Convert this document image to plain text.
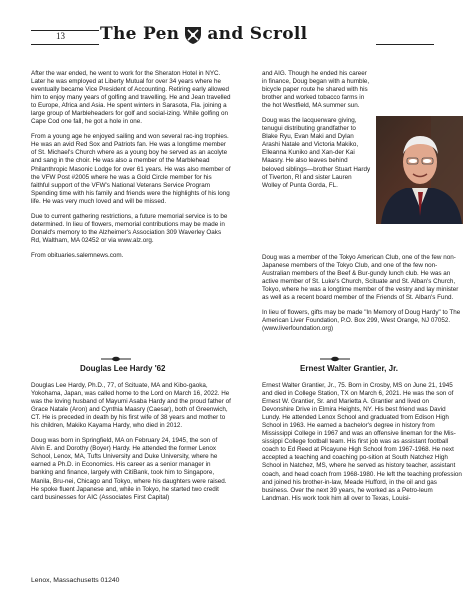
13 The Pen and Scroll

After the war ended, he went to work for the Sheraton Hotel in NYC. Later he was employed at Liberty Mutual for over 34 years where he eventually became Vice President of Accounting. Retiring early allowed him to enjoy many years of golfing and travelling. He and Jean travelled to Europe, Africa and Asia. He spent winters in Sarasota, Fla. joining a large group of Marbleheaders for golf and social-izing. While golfing on Cape Cod one fall, he got a hole in one.

From a young age he enjoyed sailing and won several rac-ing trophies. He was an avid Red Sox and Patriots fan. He was a longtime member of St. Michael's Church where as a young boy he served as an acolyte and sang in the choir. He was also a member of the Marblehead Philanthropic Masonic Lodge for over 61 years. He was also member of the VFW Post #2005 where he was a Gold Circle member for his faithful support of the VFW's National Veterans Service Program Spending time with his family and friends were the highlights of his long life. He was very much loved and will be missed.

Due to current gathering restrictions, a future memorial service is to be determined. In lieu of flowers, memorial contributions may be made in Donald's memory to the Alzheimer's Association 309 Waverley Oaks Rd, Waltham, MA 02452 or via www.alz.org.

From obituaries.salemnews.com.

and AIG. Though he ended his career in finance, Doug began with a humble, bicycle paper route he shared with his brother and worked tobacco farms in the hot Westfield, MA summer sun.

Doug was the lacquerware giving, tenugui distributing grandfather to Blake Ryu, Evan Maki and Dylan Arashi Natale and Victoria Makiko, Elleanna Kuniko and Xan-der Kai Maasry. He also leaves behind beloved siblings—brother Stuart Hardy of Tiverton, RI and sister Lauren Wolley of Punta Gorda, FL.

Doug was a member of the Tokyo American Club, one of the few non-Japanese members of the Tokyo Club, and one of the few non-Australian members of the Beef & Bur-gundy lunch club. He was an active member of St. Luke's Church, Scituate and St. Alban's Church, Tokyo, where he was a longtime member of the vestry and lay minister as well as a recent board member of the Friends of St. Alban's Fund.

In lieu of flowers, gifts may be made "In Memory of Doug Hardy" to The American Liver Foundation, P.O. Box 299, West Orange, NJ 07052. (www.liverfoundation.org)

Douglas Lee Hardy '62

Douglas Lee Hardy, Ph.D., 77, of Scituate, MA and Kibo-gaoka, Yokohama, Japan, was called home to the Lord on March 16, 2022. He was the loving husband of Mayumi Asaba Hardy and the proud father of Grace Natale (Aron) and Cynthia Maasry (Caesar), both of Greenwich, CT. He is preceded in death by his first wife of 38 years and mother to his children, Makiko Kayama Hardy, who died in 2012.

Doug was born in Springfield, MA on February 24, 1945, the son of Alvin E. and Dorothy (Boyer) Hardy. He attended the former Lenox School, Lenox, MA, Tufts University and Duke University, where he earned a Ph.D. in Economics. His career as a senior manager in banking and finance, largely with CitiBank, took him to Singapore, Manila, Bru-nei, Chicago and Tokyo, where his daughters were raised. He spoke fluent Japanese and, while in Tokyo, he started two credit card businesses for AIC (Associates First Capital)

Ernest Walter Grantier, Jr.

Ernest Walter Grantier, Jr., 75. Born in Crosby, MS on June 21, 1945 and died in College Station, TX on March 6, 2021. He was the son of Ernest W. Grantier, Sr. and Marietta A. Grantier and lived on Devonshire Drive in Elmira Heights, NY. His best friend was David Lundy. He attended Lenox School and graduated from Edison High School in 1963. He earned a bachelor's degree in history from Mississippi College in 1967 and was an offensive lineman for the Mis-sissippi College football team. His first job was as assistant football coach to Ed Reed at Picayune High School from 1967-1968. He next accepted a teaching and coaching po-sition at South Natchez High School in Natchez, MS, where he served as history teacher, assistant coach, and head coach from 1968-1980. He left the teaching profession and joined his brother-in-law, Meade Hufford, in the oil and gas business. Over the next 39 years, he worked as a Petro-leum Landman. His work took him all over to Texas, Louisi-

Lenox, Massachusetts 01240
